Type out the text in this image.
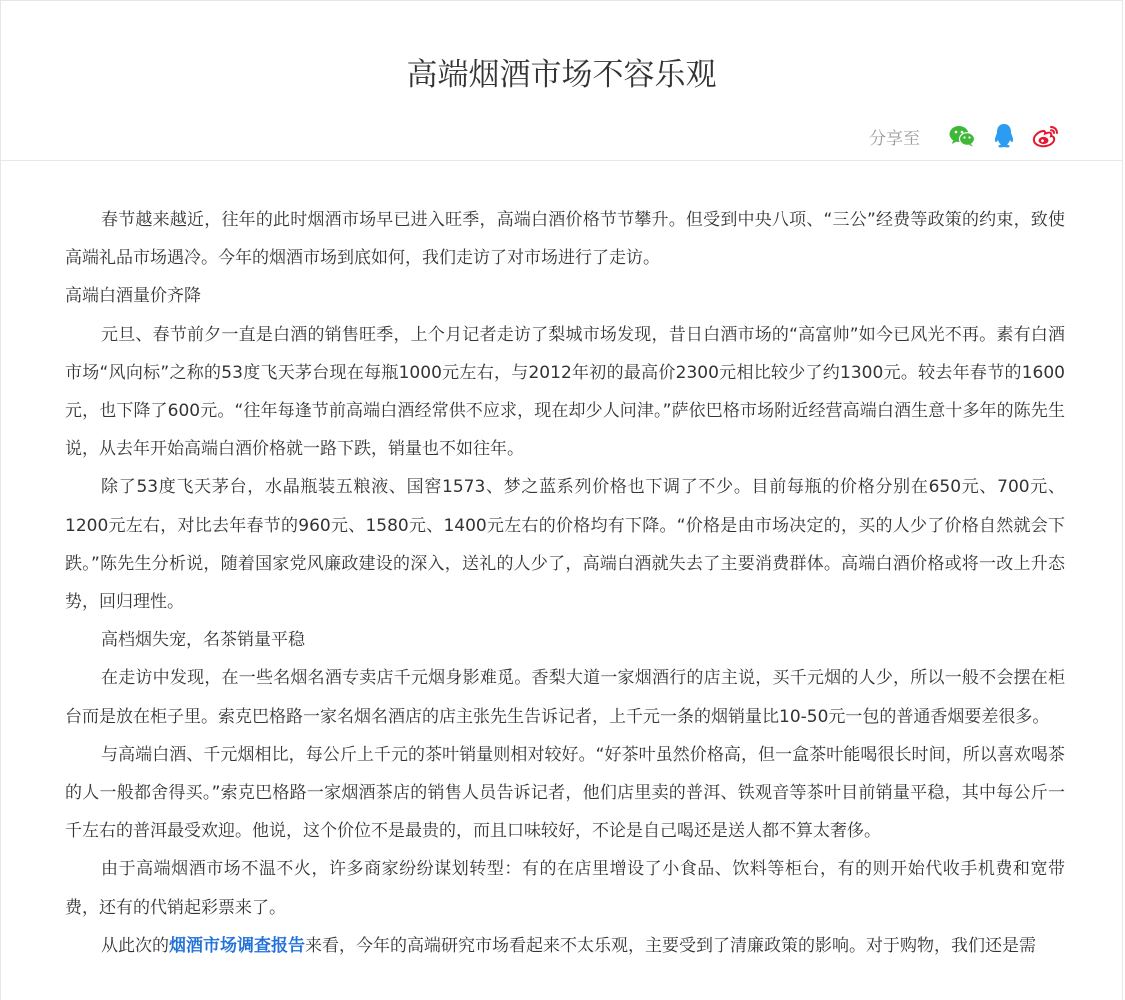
高端烟酒市场不容乐观
分享至

春节越来越近，往年的此时烟酒市场早已进入旺季，高端白酒价格节节攀升。但受到中央八项、“三公”经费等政策的约束，致使高端礼品市场遇冷。今年的烟酒市场到底如何，我们走访了对市场进行了走访。

高端白酒量价齐降

元旦、春节前夕一直是白酒的销售旺季，上个月记者走访了梨城市场发现，昔日白酒市场的“高富帅”如今已风光不再。素有白酒市场“风向标”之称的53度飞天茅台现在每瓶1000元左右，与2012年初的最高价2300元相比较少了约1300元。较去年春节的1600元，也下降了600元。“往年每逢节前高端白酒经常供不应求，现在却少人问津。”萨依巴格市场附近经营高端白酒生意十多年的陈先生说，从去年开始高端白酒价格就一路下跌，销量也不如往年。

除了53度飞天茅台，水晶瓶装五粮液、国窖1573、梦之蓝系列价格也下调了不少。目前每瓶的价格分别在650元、700元、1200元左右，对比去年春节的960元、1580元、1400元左右的价格均有下降。“价格是由市场决定的，买的人少了价格自然就会下跌。”陈先生分析说，随着国家党风廉政建设的深入，送礼的人少了，高端白酒就失去了主要消费群体。高端白酒价格或将一改上升态势，回归理性。

高档烟失宠，名茶销量平稳

在走访中发现，在一些名烟名酒专卖店千元烟身影难觅。香梨大道一家烟酒行的店主说，买千元烟的人少，所以一般不会摆在柜台而是放在柜子里。索克巴格路一家名烟名酒店的店主张先生告诉记者，上千元一条的烟销量比10-50元一包的普通香烟要差很多。

与高端白酒、千元烟相比，每公斤上千元的茶叶销量则相对较好。“好茶叶虽然价格高，但一盒茶叶能喝很长时间，所以喜欢喝茶的人一般都舍得买。”索克巴格路一家烟酒茶店的销售人员告诉记者，他们店里卖的普洱、铁观音等茶叶目前销量平稳，其中每公斤一千左右的普洱最受欢迎。他说，这个价位不是最贵的，而且口味较好，不论是自己喝还是送人都不算太奢侈。

由于高端烟酒市场不温不火，许多商家纷纷谋划转型：有的在店里增设了小食品、饮料等柜台，有的则开始代收手机费和宽带费，还有的代销起彩票来了。

从此次的烟酒市场调查报告来看，今年的高端研究市场看起来不太乐观，主要受到了清廉政策的影响。对于购物，我们还是需
